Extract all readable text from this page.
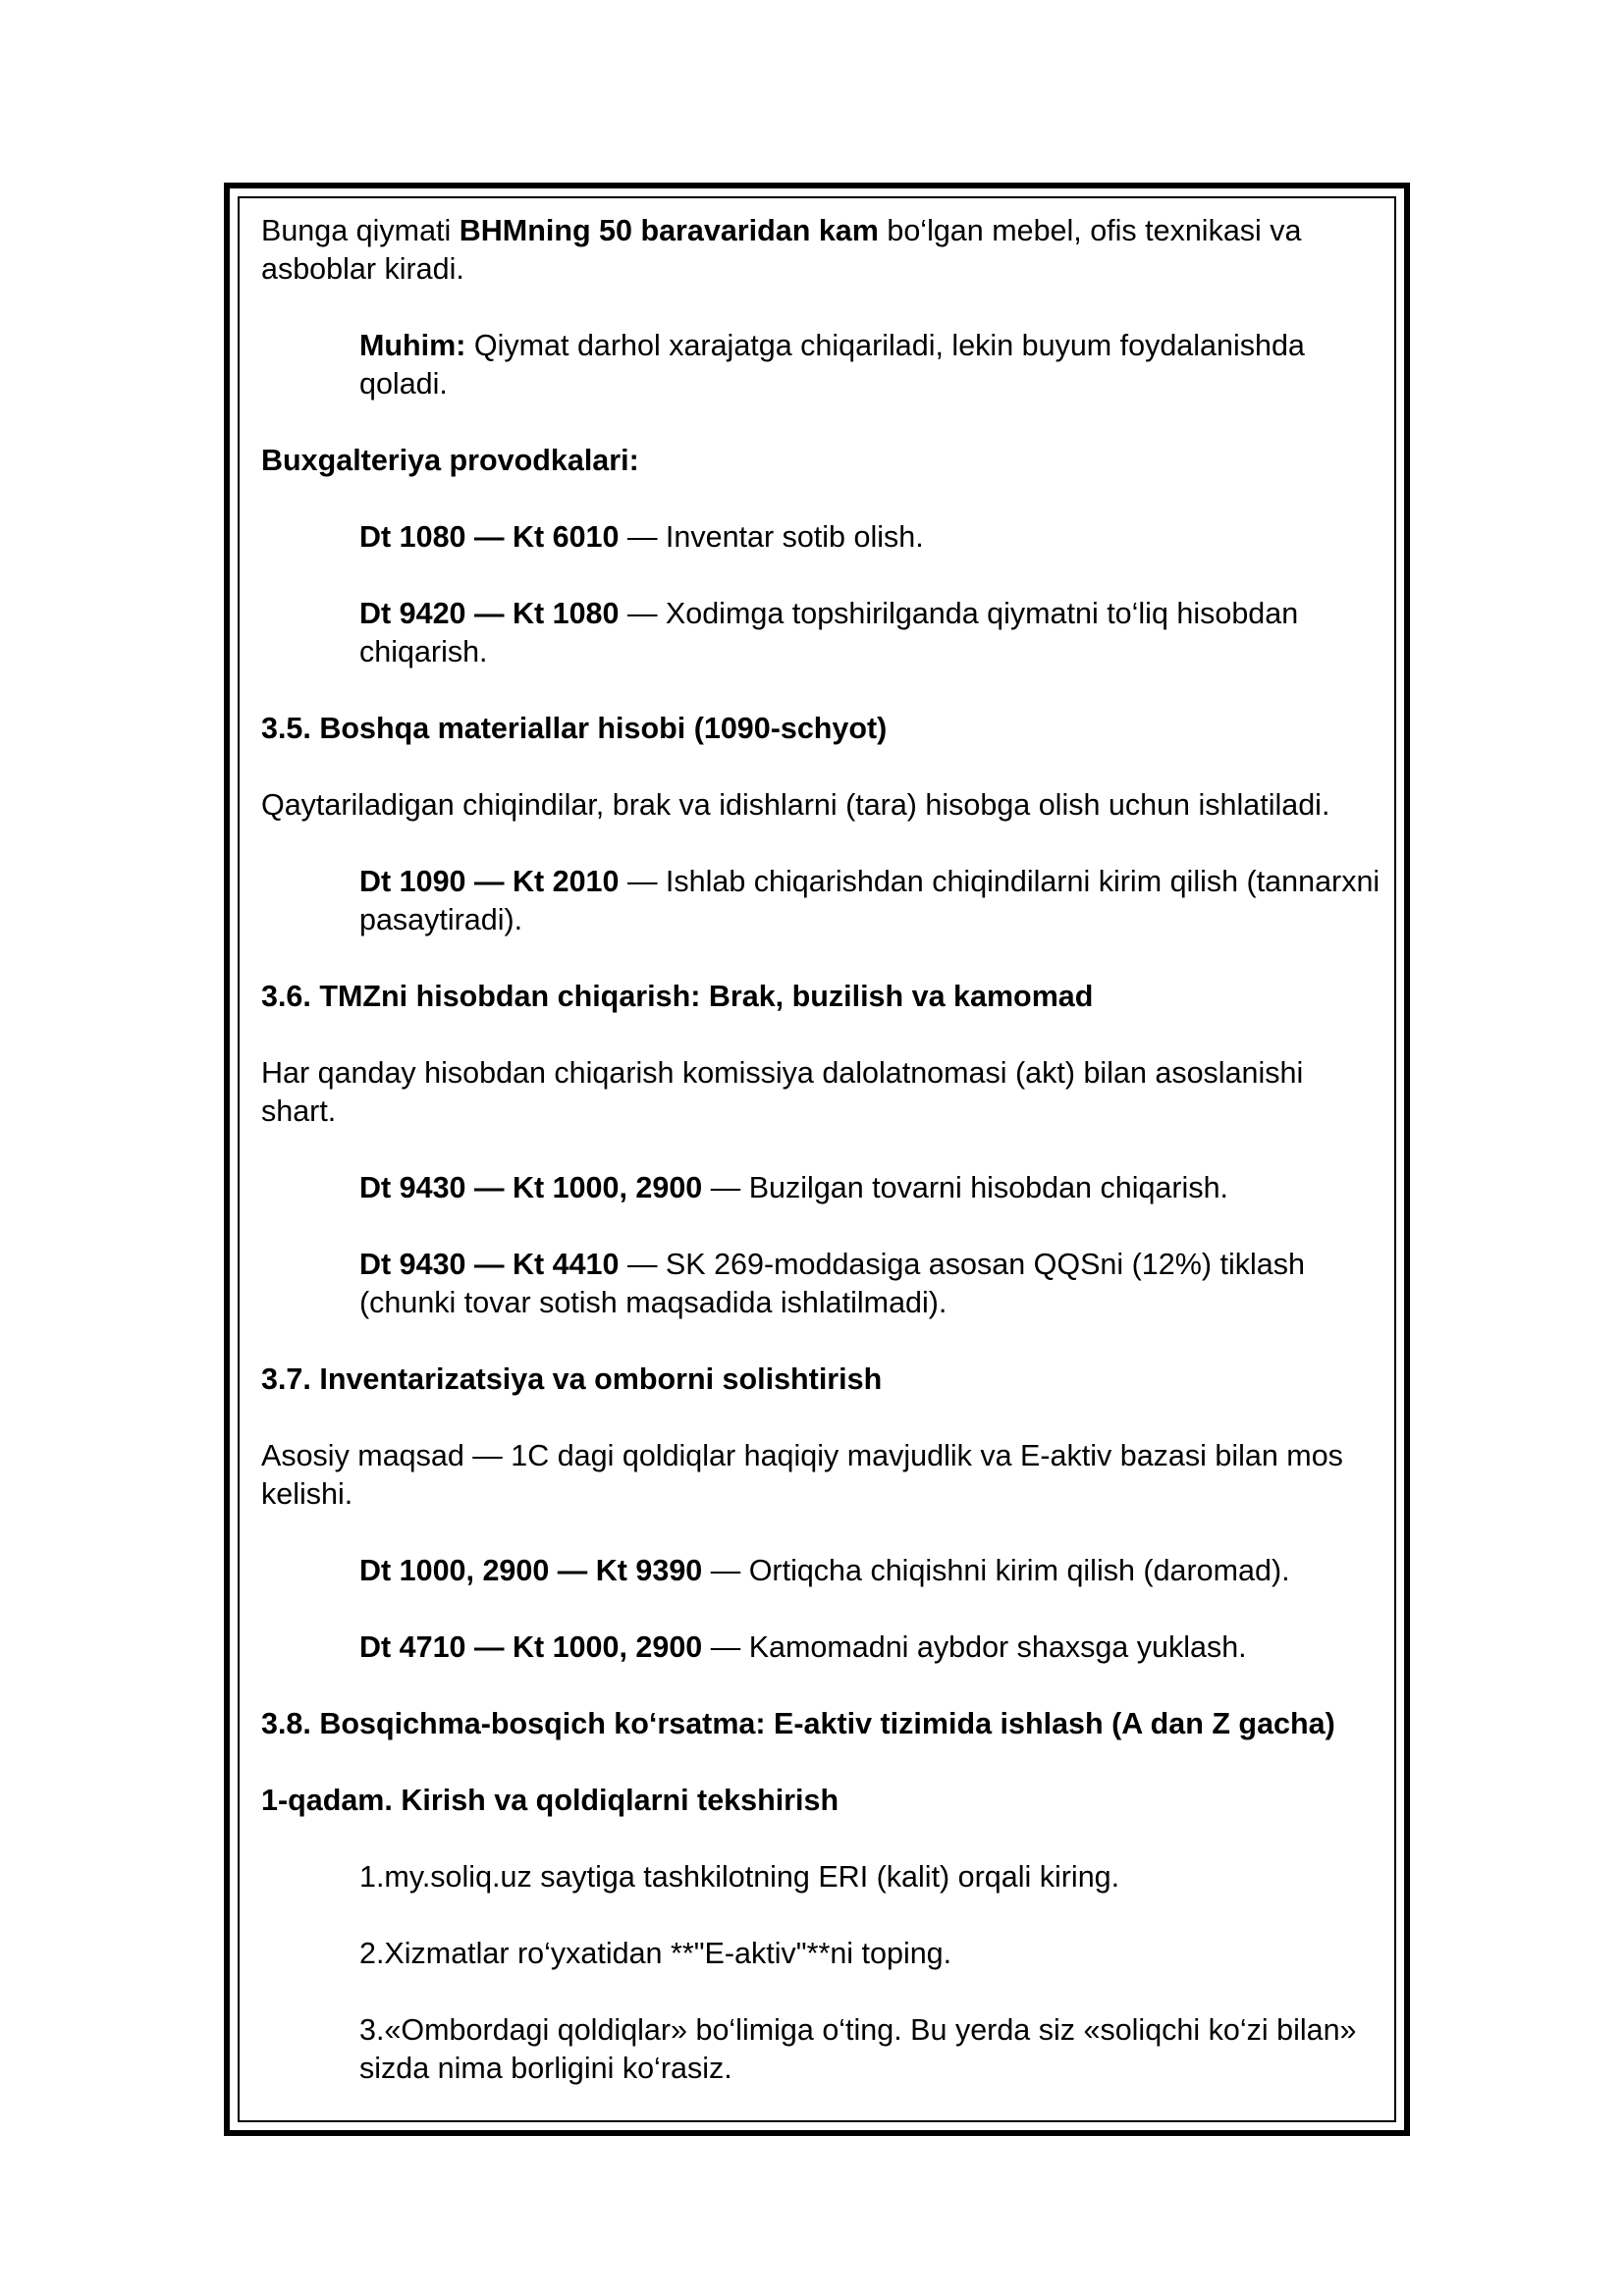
Bunga qiymati BHMning 50 baravaridan kam bo‘lgan mebel, ofis texnikasi va asboblar kiradi.

Muhim: Qiymat darhol xarajatga chiqariladi, lekin buyum foydalanishda qoladi.

Buxgalteriya provodkalari:

Dt 1080 — Kt 6010 — Inventar sotib olish.

Dt 9420 — Kt 1080 — Xodimga topshirilganda qiymatni to‘liq hisobdan chiqarish.

3.5. Boshqa materiallar hisobi (1090-schyot)

Qaytariladigan chiqindilar, brak va idishlarni (tara) hisobga olish uchun ishlatiladi.

Dt 1090 — Kt 2010 — Ishlab chiqarishdan chiqindilarni kirim qilish (tannarxni pasaytiradi).

3.6. TMZni hisobdan chiqarish: Brak, buzilish va kamomad

Har qanday hisobdan chiqarish komissiya dalolatnomasi (akt) bilan asoslanishi shart.

Dt 9430 — Kt 1000, 2900 — Buzilgan tovarni hisobdan chiqarish.

Dt 9430 — Kt 4410 — SK 269-moddasiga asosan QQSni (12%) tiklash (chunki tovar sotish maqsadida ishlatilmadi).

3.7. Inventarizatsiya va omborni solishtirish

Asosiy maqsad — 1C dagi qoldiqlar haqiqiy mavjudlik va E-aktiv bazasi bilan mos kelishi.

Dt 1000, 2900 — Kt 9390 — Ortiqcha chiqishni kirim qilish (daromad).

Dt 4710 — Kt 1000, 2900 — Kamomadni aybdor shaxsga yuklash.

3.8. Bosqichma-bosqich ko‘rsatma: E-aktiv tizimida ishlash (A dan Z gacha)

1-qadam. Kirish va qoldiqlarni tekshirish

1.my.soliq.uz saytiga tashkilotning ERI (kalit) orqali kiring.

2.Xizmatlar ro‘yxatidan **"E-aktiv"**ni toping.

3.«Ombordagi qoldiqlar» bo‘limiga o‘ting. Bu yerda siz «soliqchi ko‘zi bilan» sizda nima borligini ko‘rasiz.
